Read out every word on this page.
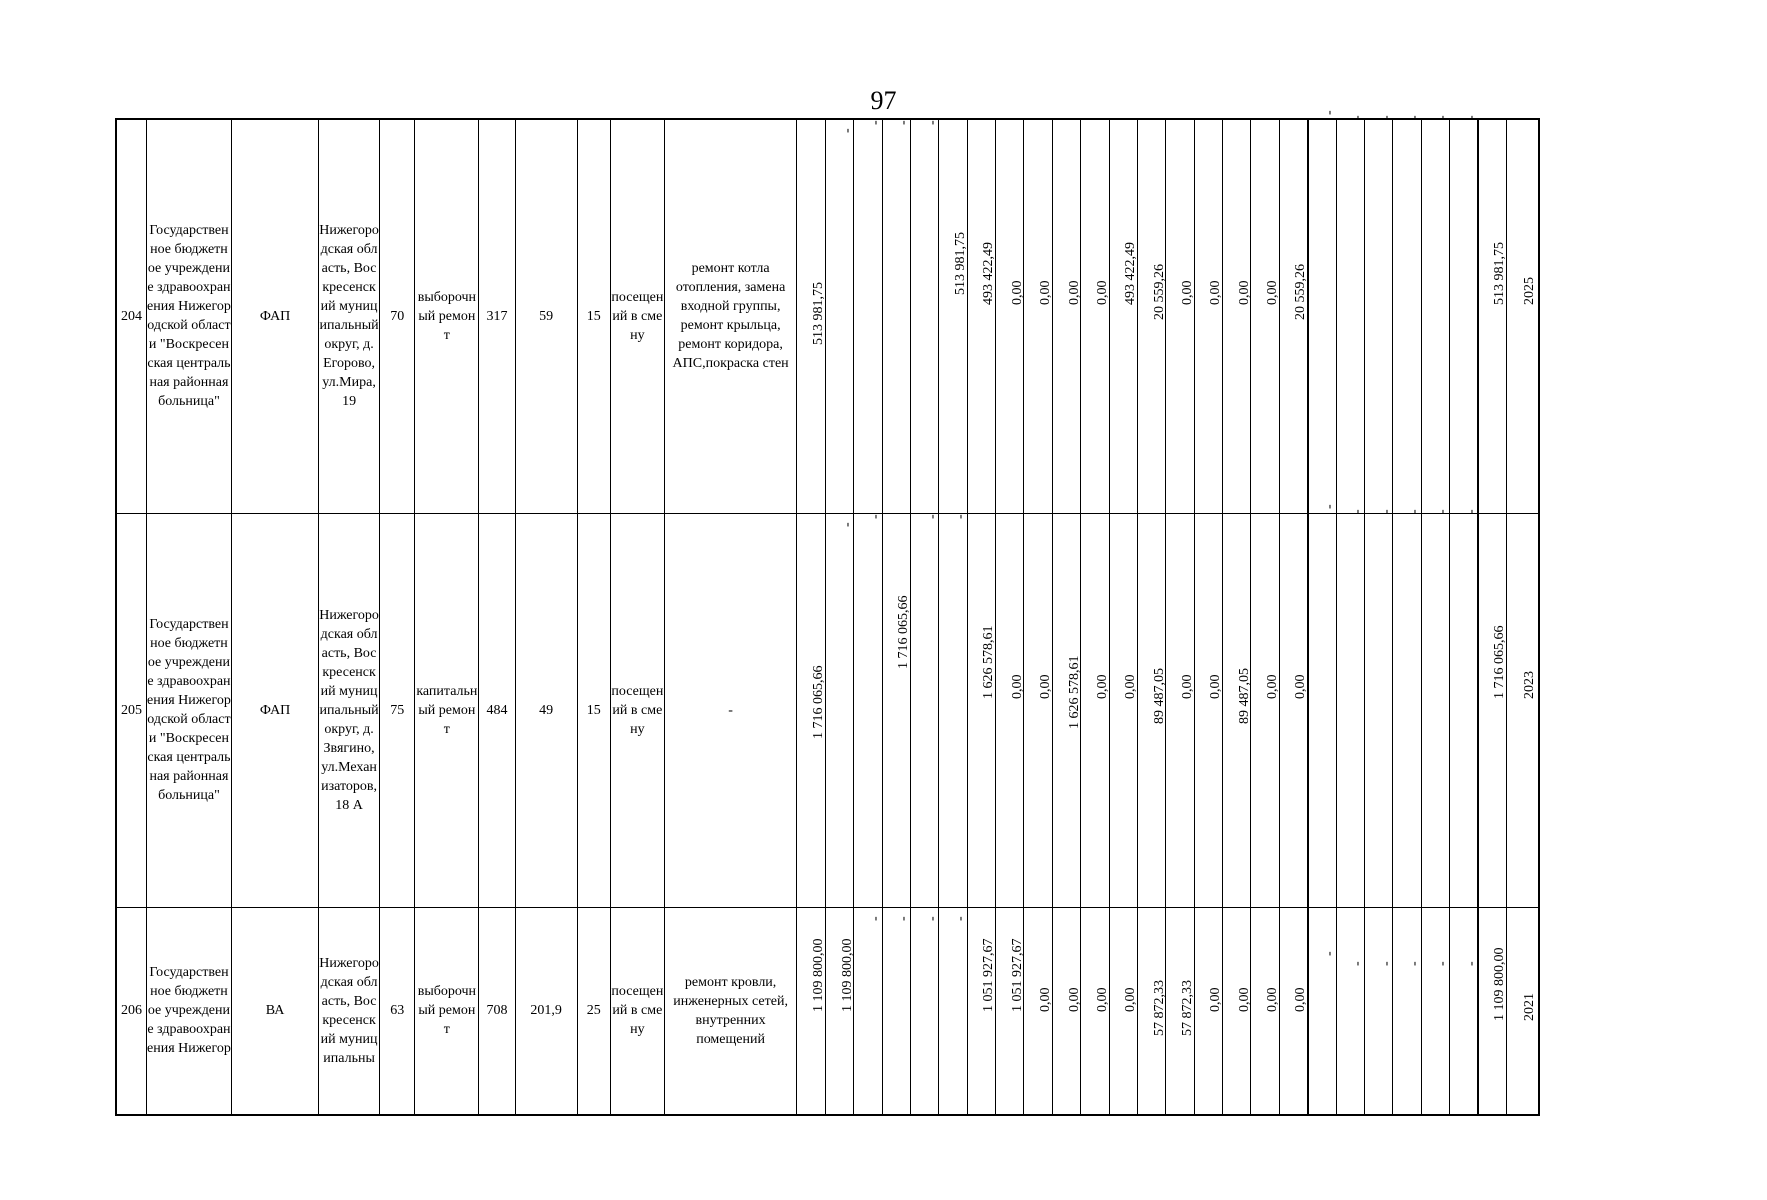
97
204	Государственное бюджетное учреждение здравоохранения Нижегородской области "Воскресенская центральная районная больница"	ФАП	Нижегородская область, Воскресенский муниципальный округ, д. Егорово, ул.Мира, 19	70	выборочный ремонт	317	59	15	посещений в смену	ремонт котла отопления, замена входной группы, ремонт крыльца, ремонт коридора, АПС,покраска стен	513 981,75	-	-	-	-	513 981,75	493 422,49	0,00	0,00	0,00	0,00	493 422,49	20 559,26	0,00	0,00	0,00	0,00	20 559,26	-	-	-	-	-	-	513 981,75	2025

205	Государственное бюджетное учреждение здравоохранения Нижегородской области "Воскресенская центральная районная больница"	ФАП	Нижегородская область, Воскресенский муниципальный округ, д. Звягино, ул.Механизаторов, 18 А	75	капитальный ремонт	484	49	15	посещений в смену	-	1 716 065,66	-	-	1 716 065,66	-	-	1 626 578,61	0,00	0,00	1 626 578,61	0,00	0,00	89 487,05	0,00	0,00	89 487,05	0,00	0,00	-	-	-	-	-	-	1 716 065,66	2023

206	Государственное бюджетное учреждение здравоохранения Нижегор	ВА	Нижегородская область, Воскресенский муниципальны	63	выборочный ремонт	708	201,9	25	посещений в смену	ремонт кровли, инженерных сетей, внутренних помещений	1 109 800,00	1 109 800,00	-	-	-	-	1 051 927,67	1 051 927,67	0,00	0,00	0,00	0,00	57 872,33	57 872,33	0,00	0,00	0,00	0,00	-	-	-	-	-	-	1 109 800,00	2021
